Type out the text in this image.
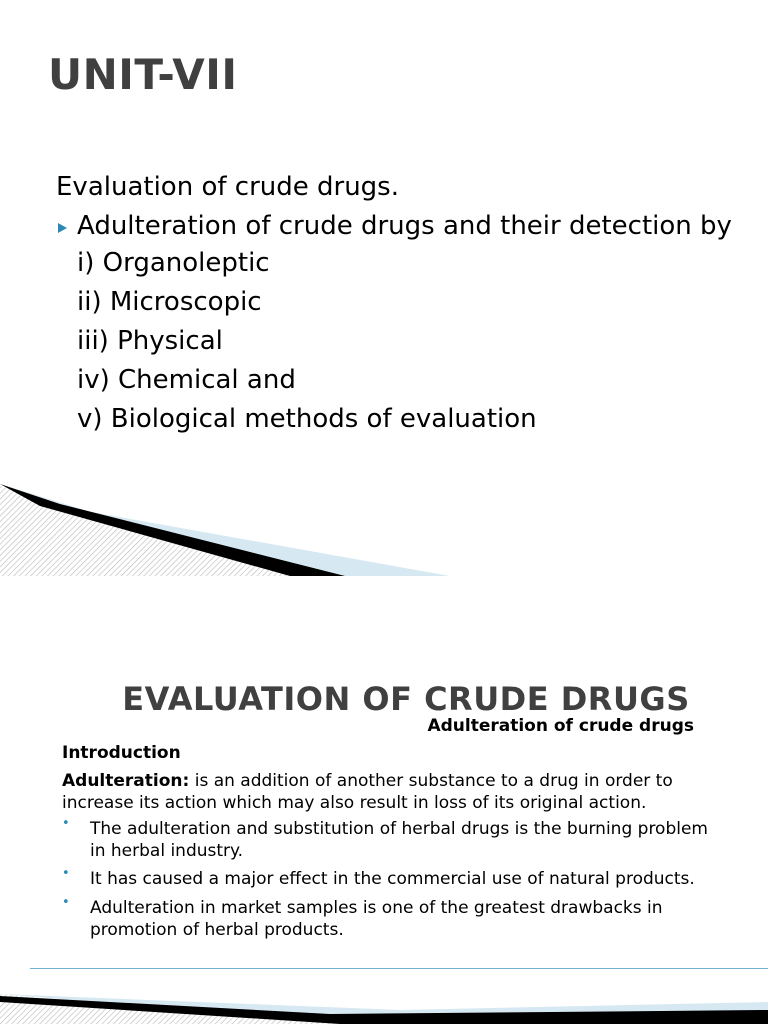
UNIT-VII

Evaluation of crude drugs.

Adulteration of crude drugs and their detection by

i) Organoleptic

ii) Microscopic

iii) Physical

iv) Chemical and

v) Biological methods of evaluation

EVALUATION OF CRUDE DRUGS
Adulteration of crude drugs

Introduction

Adulteration: is an addition of another substance to a drug in order to increase its action which may also result in loss of its original action.

• The adulteration and substitution of herbal drugs is the burning problem in herbal industry.
• It has caused a major effect in the commercial use of natural products.
• Adulteration in market samples is one of the greatest drawbacks in promotion of herbal products.
